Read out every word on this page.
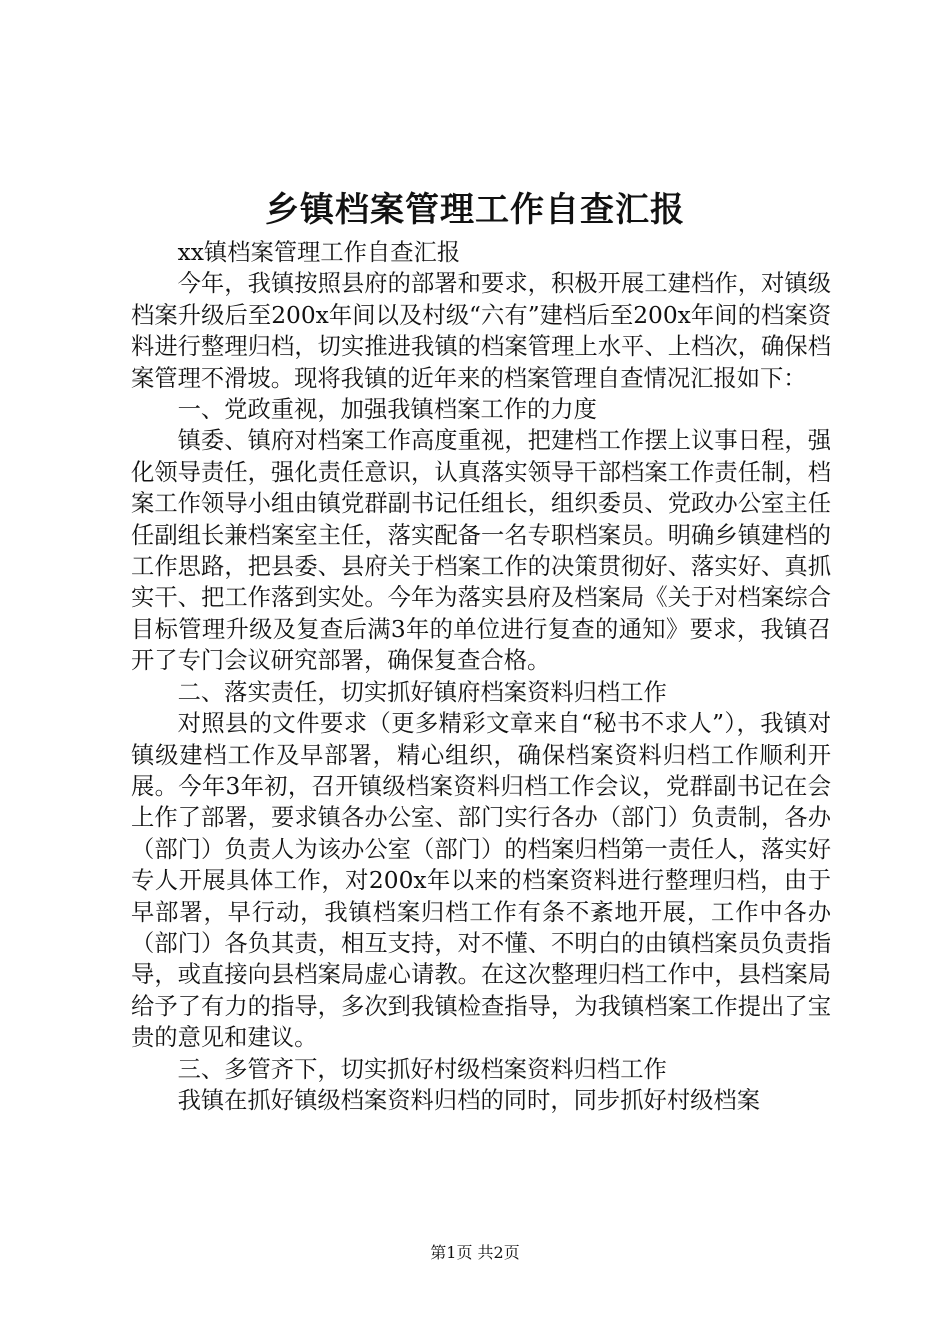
乡镇档案管理工作自查汇报

xx镇档案管理工作自查汇报

今年，我镇按照县府的部署和要求，积极开展工建档作，对镇级档案升级后至200x年间以及村级“六有”建档后至200x年间的档案资料进行整理归档，切实推进我镇的档案管理上水平、上档次，确保档案管理不滑坡。现将我镇的近年来的档案管理自查情况汇报如下：

一、党政重视，加强我镇档案工作的力度

镇委、镇府对档案工作高度重视，把建档工作摆上议事日程，强化领导责任，强化责任意识，认真落实领导干部档案工作责任制，档案工作领导小组由镇党群副书记任组长，组织委员、党政办公室主任任副组长兼档案室主任，落实配备一名专职档案员。明确乡镇建档的工作思路，把县委、县府关于档案工作的决策贯彻好、落实好、真抓实干、把工作落到实处。今年为落实县府及档案局《关于对档案综合目标管理升级及复查后满3年的单位进行复查的通知》要求，我镇召开了专门会议研究部署，确保复查合格。

二、落实责任，切实抓好镇府档案资料归档工作

对照县的文件要求（更多精彩文章来自“秘书不求人”），我镇对镇级建档工作及早部署，精心组织，确保档案资料归档工作顺利开展。今年3年初，召开镇级档案资料归档工作会议，党群副书记在会上作了部署，要求镇各办公室、部门实行各办（部门）负责制，各办（部门）负责人为该办公室（部门）的档案归档第一责任人，落实好专人开展具体工作，对200x年以来的档案资料进行整理归档，由于早部署，早行动，我镇档案归档工作有条不紊地开展，工作中各办（部门）各负其责，相互支持，对不懂、不明白的由镇档案员负责指导，或直接向县档案局虚心请教。在这次整理归档工作中，县档案局给予了有力的指导，多次到我镇检查指导，为我镇档案工作提出了宝贵的意见和建议。

三、多管齐下，切实抓好村级档案资料归档工作

我镇在抓好镇级档案资料归档的同时，同步抓好村级档案

第1页 共2页
